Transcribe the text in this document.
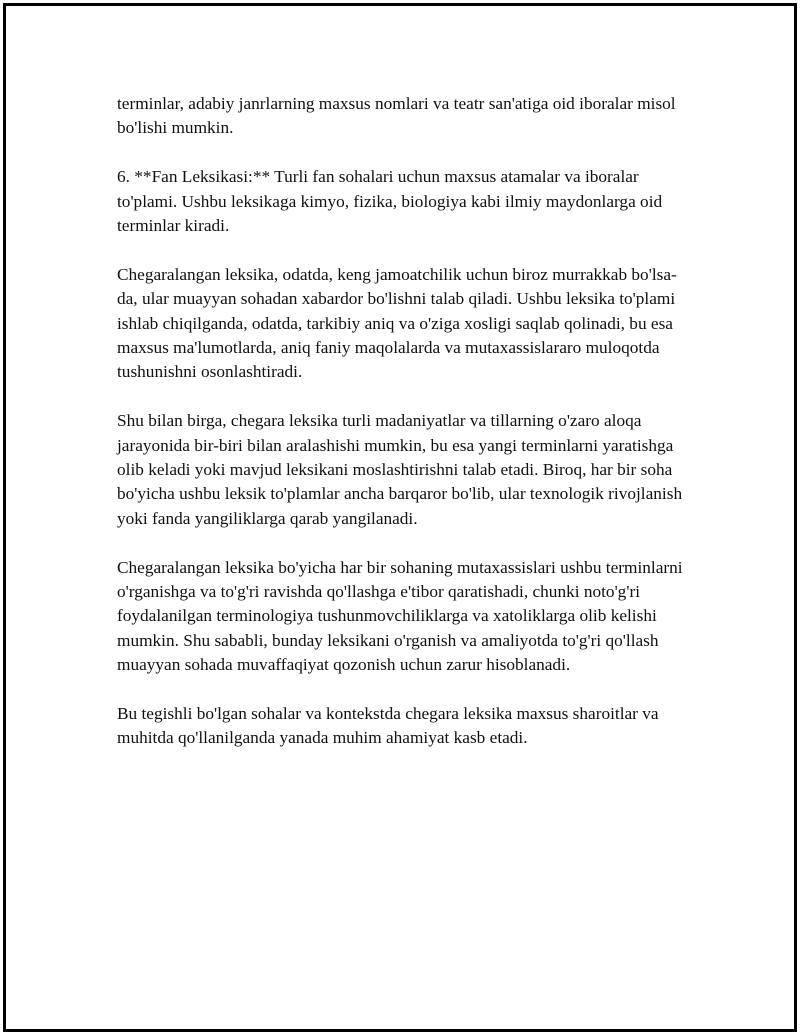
terminlar, adabiy janrlarning maxsus nomlari va teatr san'atiga oid iboralar misol bo'lishi mumkin.

6. **Fan Leksikasi:** Turli fan sohalari uchun maxsus atamalar va iboralar to'plami. Ushbu leksikaga kimyo, fizika, biologiya kabi ilmiy maydonlarga oid terminlar kiradi.

Chegaralangan leksika, odatda, keng jamoatchilik uchun biroz murrakkab bo'lsa-da, ular muayyan sohadan xabardor bo'lishni talab qiladi. Ushbu leksika to'plami ishlab chiqilganda, odatda, tarkibiy aniq va o'ziga xosligi saqlab qolinadi, bu esa maxsus ma'lumotlarda, aniq faniy maqolalarda va mutaxassislararo muloqotda tushunishni osonlashtiradi.

Shu bilan birga, chegara leksika turli madaniyatlar va tillarning o'zaro aloqa jarayonida bir-biri bilan aralashishi mumkin, bu esa yangi terminlarni yaratishga olib keladi yoki mavjud leksikani moslashtirishni talab etadi. Biroq, har bir soha bo'yicha ushbu leksik to'plamlar ancha barqaror bo'lib, ular texnologik rivojlanish yoki fanda yangiliklarga qarab yangilanadi.

Chegaralangan leksika bo'yicha har bir sohaning mutaxassislari ushbu terminlarni o'rganishga va to'g'ri ravishda qo'llashga e'tibor qaratishadi, chunki noto'g'ri foydalanilgan terminologiya tushunmovchiliklarga va xatoliklarga olib kelishi mumkin. Shu sababli, bunday leksikani o'rganish va amaliyotda to'g'ri qo'llash muayyan sohada muvaffaqiyat qozonish uchun zarur hisoblanadi.

Bu tegishli bo'lgan sohalar va kontekstda chegara leksika maxsus sharoitlar va muhitda qo'llanilganda yanada muhim ahamiyat kasb etadi.
